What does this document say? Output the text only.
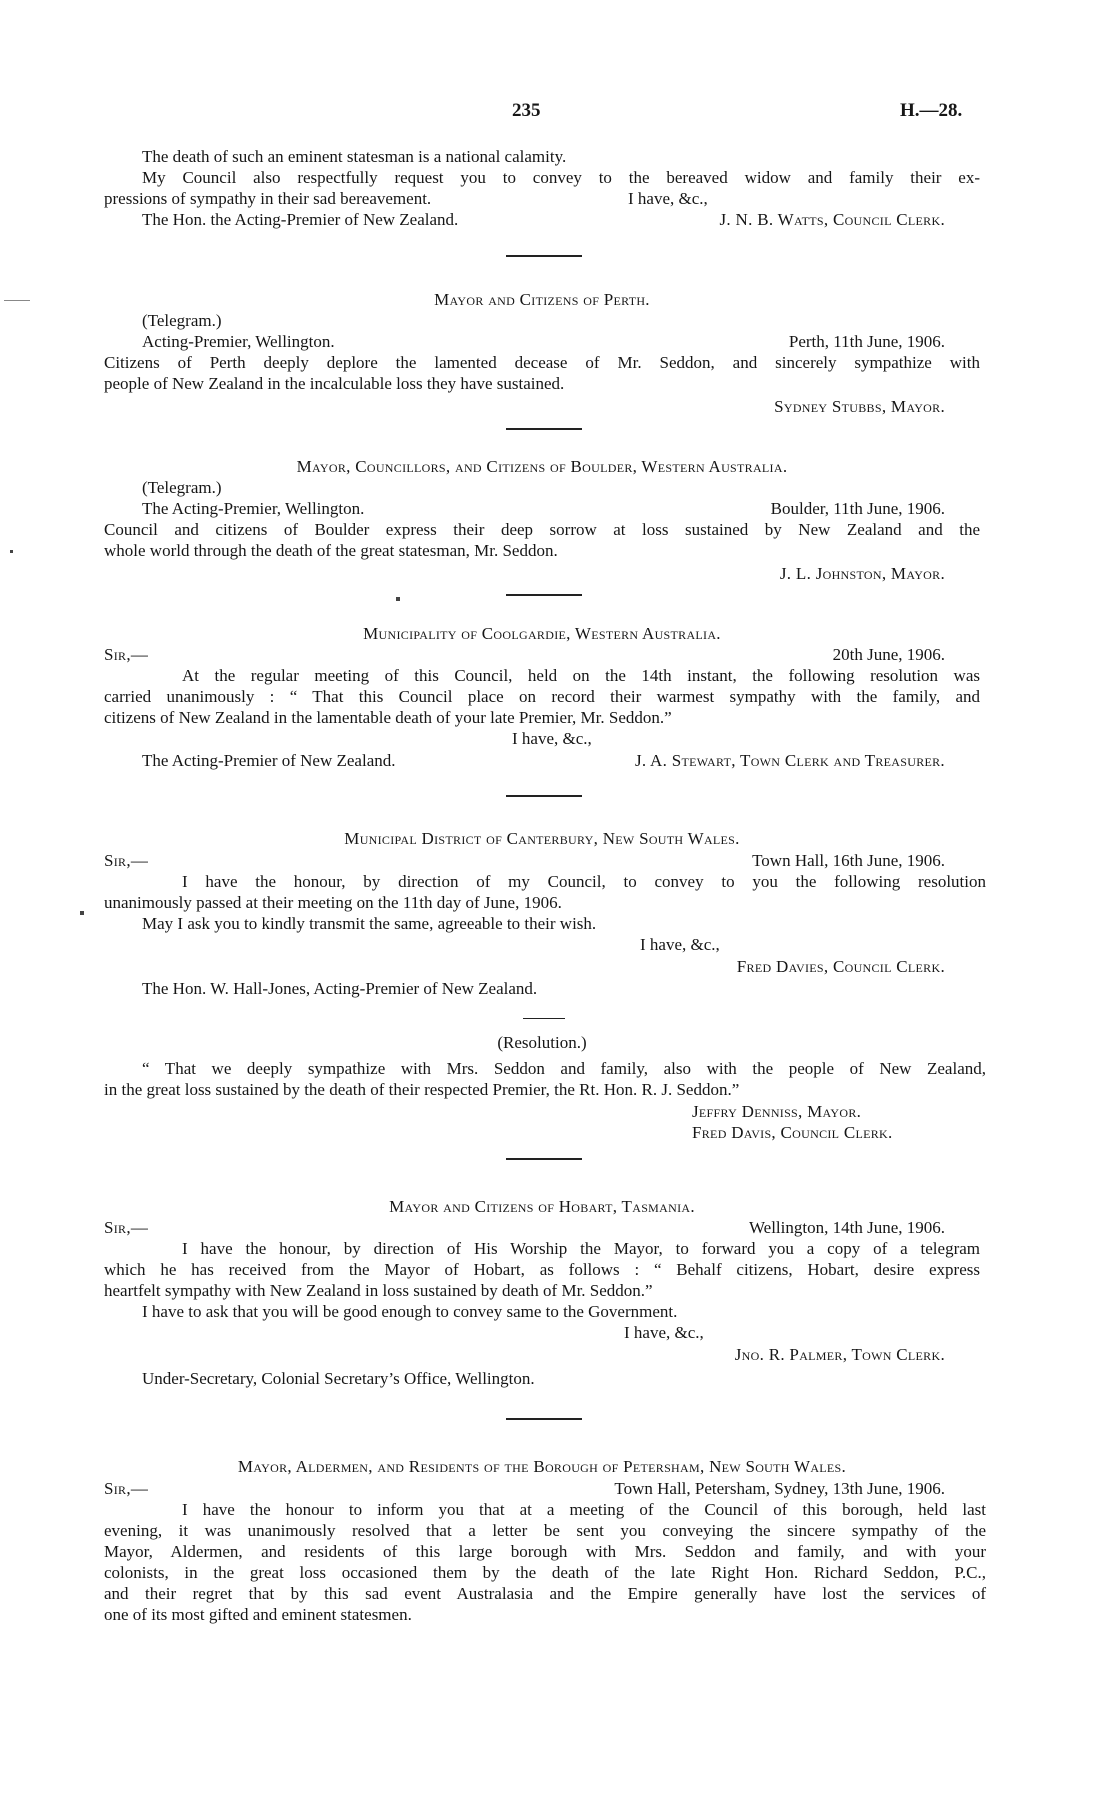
235	H.—28.
The death of such an eminent statesman is a national calamity.
My Council also respectfully request you to convey to the bereaved widow and family their ex-
pressions of sympathy in their sad bereavement.	I have, &c.,
The Hon. the Acting-Premier of New Zealand.	J. N. B. Watts, Council Clerk.
Mayor and Citizens of Perth.
(Telegram.)
Acting-Premier, Wellington.	Perth, 11th June, 1906.
Citizens of Perth deeply deplore the lamented decease of Mr. Seddon, and sincerely sympathize with
people of New Zealand in the incalculable loss they have sustained.
Sydney Stubbs, Mayor.
Mayor, Councillors, and Citizens of Boulder, Western Australia.
(Telegram.)
The Acting-Premier, Wellington.	Boulder, 11th June, 1906.
Council and citizens of Boulder express their deep sorrow at loss sustained by New Zealand and the
whole world through the death of the great statesman, Mr. Seddon.
J. L. Johnston, Mayor.
Municipality of Coolgardie, Western Australia.
Sir,—	20th June, 1906.
At the regular meeting of this Council, held on the 14th instant, the following resolution was
carried unanimously : “ That this Council place on record their warmest sympathy with the family, and
citizens of New Zealand in the lamentable death of your late Premier, Mr. Seddon.”
I have, &c.,
The Acting-Premier of New Zealand.	J. A. Stewart, Town Clerk and Treasurer.
Municipal District of Canterbury, New South Wales.
Sir,—	Town Hall, 16th June, 1906.
I have the honour, by direction of my Council, to convey to you the following resolution
unanimously passed at their meeting on the 11th day of June, 1906.
May I ask you to kindly transmit the same, agreeable to their wish.
I have, &c.,
Fred Davies, Council Clerk.
The Hon. W. Hall-Jones, Acting-Premier of New Zealand.
(Resolution.)
“ That we deeply sympathize with Mrs. Seddon and family, also with the people of New Zealand,
in the great loss sustained by the death of their respected Premier, the Rt. Hon. R. J. Seddon.”
Jeffry Denniss, Mayor.
Fred Davis, Council Clerk.
Mayor and Citizens of Hobart, Tasmania.
Sir,—	Wellington, 14th June, 1906.
I have the honour, by direction of His Worship the Mayor, to forward you a copy of a telegram
which he has received from the Mayor of Hobart, as follows : “ Behalf citizens, Hobart, desire express
heartfelt sympathy with New Zealand in loss sustained by death of Mr. Seddon.”
I have to ask that you will be good enough to convey same to the Government.
I have, &c.,
Jno. R. Palmer, Town Clerk.
Under-Secretary, Colonial Secretary’s Office, Wellington.
Mayor, Aldermen, and Residents of the Borough of Petersham, New South Wales.
Sir,—	Town Hall, Petersham, Sydney, 13th June, 1906.
I have the honour to inform you that at a meeting of the Council of this borough, held last
evening, it was unanimously resolved that a letter be sent you conveying the sincere sympathy of the
Mayor, Aldermen, and residents of this large borough with Mrs. Seddon and family, and with your
colonists, in the great loss occasioned them by the death of the late Right Hon. Richard Seddon, P.C.,
and their regret that by this sad event Australasia and the Empire generally have lost the services of
one of its most gifted and eminent statesmen.
